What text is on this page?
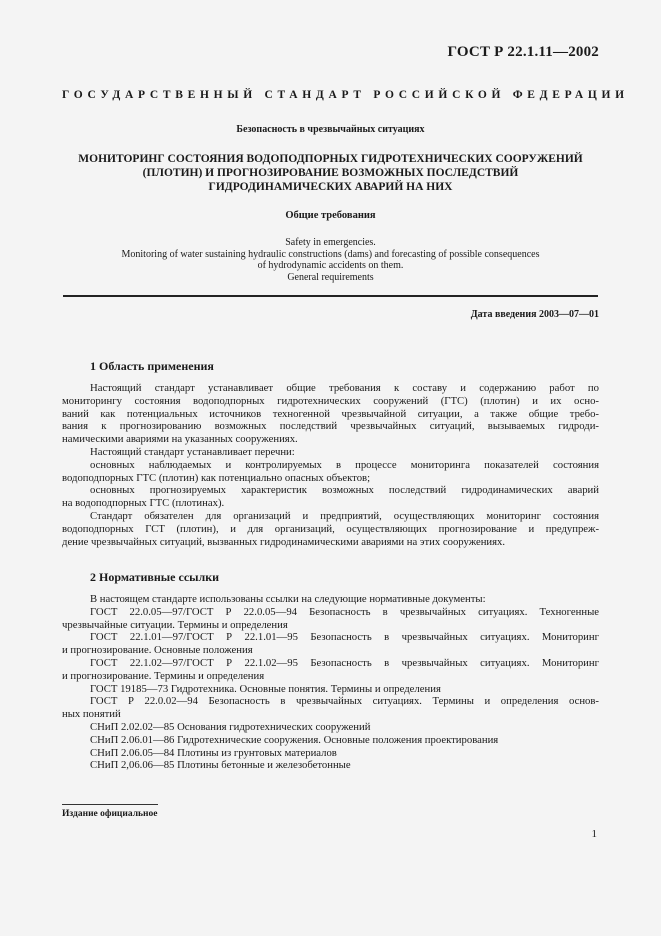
ГОСТ Р 22.1.11—2002
ГОСУДАРСТВЕННЫЙ СТАНДАРТ РОССИЙСКОЙ ФЕДЕРАЦИИ
Безопасность в чрезвычайных ситуациях
МОНИТОРИНГ СОСТОЯНИЯ ВОДОПОДПОРНЫХ ГИДРОТЕХНИЧЕСКИХ СООРУЖЕНИЙ
(ПЛОТИН) И ПРОГНОЗИРОВАНИЕ ВОЗМОЖНЫХ ПОСЛЕДСТВИЙ
ГИДРОДИНАМИЧЕСКИХ АВАРИЙ НА НИХ
Общие требования
Safety in emergencies.
Monitoring of water sustaining hydraulic constructions (dams) and forecasting of possible consequences
of hydrodynamic accidents on them.
General requirements
Дата введения 2003—07—01
1 Область применения
Настоящий стандарт устанавливает общие требования к составу и содержанию работ по
мониторингу состояния водоподпорных гидротехнических сооружений (ГТС) (плотин) и их осно-
ваний как потенциальных источников техногенной чрезвычайной ситуации, а также общие требо-
вания к прогнозированию возможных последствий чрезвычайных ситуаций, вызываемых гидроди-
намическими авариями на указанных сооружениях.
Настоящий стандарт устанавливает перечни:
основных наблюдаемых и контролируемых в процессе мониторинга показателей состояния
водоподпорных ГТС (плотин) как потенциально опасных объектов;
основных прогнозируемых характеристик возможных последствий гидродинамических аварий
на водоподпорных ГТС (плотинах).
Стандарт обязателен для организаций и предприятий, осуществляющих мониторинг состояния
водоподпорных ГСТ (плотин), и для организаций, осуществляющих прогнозирование и предупреж-
дение чрезвычайных ситуаций, вызванных гидродинамическими авариями на этих сооружениях.
2 Нормативные ссылки
В настоящем стандарте использованы ссылки на следующие нормативные документы:
ГОСТ 22.0.05—97/ГОСТ Р 22.0.05—94 Безопасность в чрезвычайных ситуациях. Техногенные
чрезвычайные ситуации. Термины и определения
ГОСТ 22.1.01—97/ГОСТ Р 22.1.01—95 Безопасность в чрезвычайных ситуациях. Мониторинг
и прогнозирование. Основные положения
ГОСТ 22.1.02—97/ГОСТ Р 22.1.02—95 Безопасность в чрезвычайных ситуациях. Мониторинг
и прогнозирование. Термины и определения
ГОСТ 19185—73 Гидротехника. Основные понятия. Термины и определения
ГОСТ Р 22.0.02—94 Безопасность в чрезвычайных ситуациях. Термины и определения основ-
ных понятий
СНиП 2.02.02—85 Основания гидротехнических сооружений
СНиП 2.06.01—86 Гидротехнические сооружения. Основные положения проектирования
СНиП 2.06.05—84 Плотины из грунтовых материалов
СНиП 2,06.06—85 Плотины бетонные и железобетонные
Издание официальное
1
